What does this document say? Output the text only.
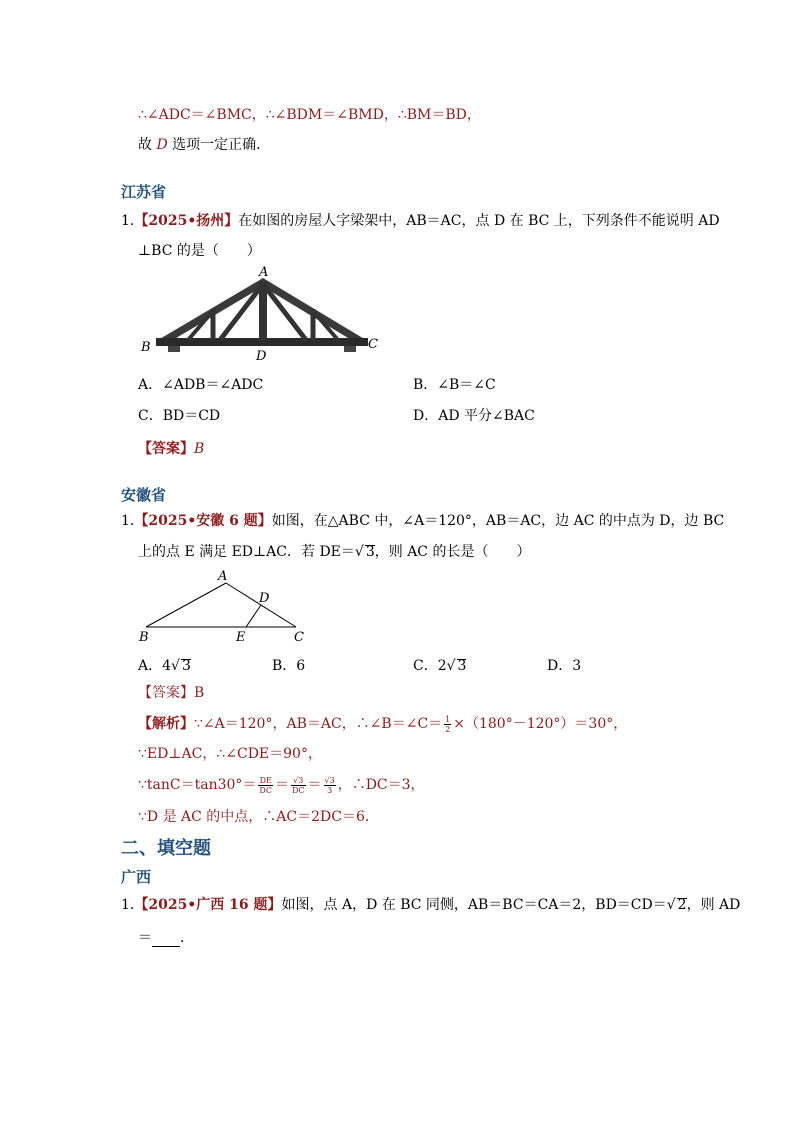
∴∠ADC＝∠BMC，∴∠BDM＝∠BMD，∴BM＝BD，
故 D 选项一定正确．
江苏省
1.【2025•扬州】在如图的房屋人字梁架中，AB＝AC，点 D 在 BC 上，下列条件不能说明 AD
⊥BC 的是（　　）
A
B	C
D
A．∠ADB＝∠ADC	B．∠B＝∠C
C．BD＝CD	D．AD 平分∠BAC
【答案】B
安徽省
1.【2025•安徽 6 题】如图，在△ABC 中，∠A＝120°，AB＝AC，边 AC 的中点为 D，边 BC
上的点 E 满足 ED⊥AC．若 DE＝√ 3，则 AC 的长是（　　）
A
B	C
D
E
A．4√ 3	B．6	C．2√ 3	D．3
【答案】B
【解析】∵∠A＝120°，AB＝AC，∴∠B＝∠C＝ $\frac{1}{2} \times(180^\circ-120^\circ)=30^\circ$，
∵ED⊥AC，∴∠CDE＝90°，
∵tanC＝tan30°＝ $\frac{DE}{DC} = \frac{√3}{DC} = \frac{√3}{3}$ ，∴DC＝3，
∵D 是 AC 的中点，∴AC＝2DC＝6．
二、填空题
广西
1.【2025•广西 16 题】如图，点 A，D 在 BC 同侧，AB＝BC＝CA＝2，BD＝CD＝√ 2，则 AD
＝ ．
